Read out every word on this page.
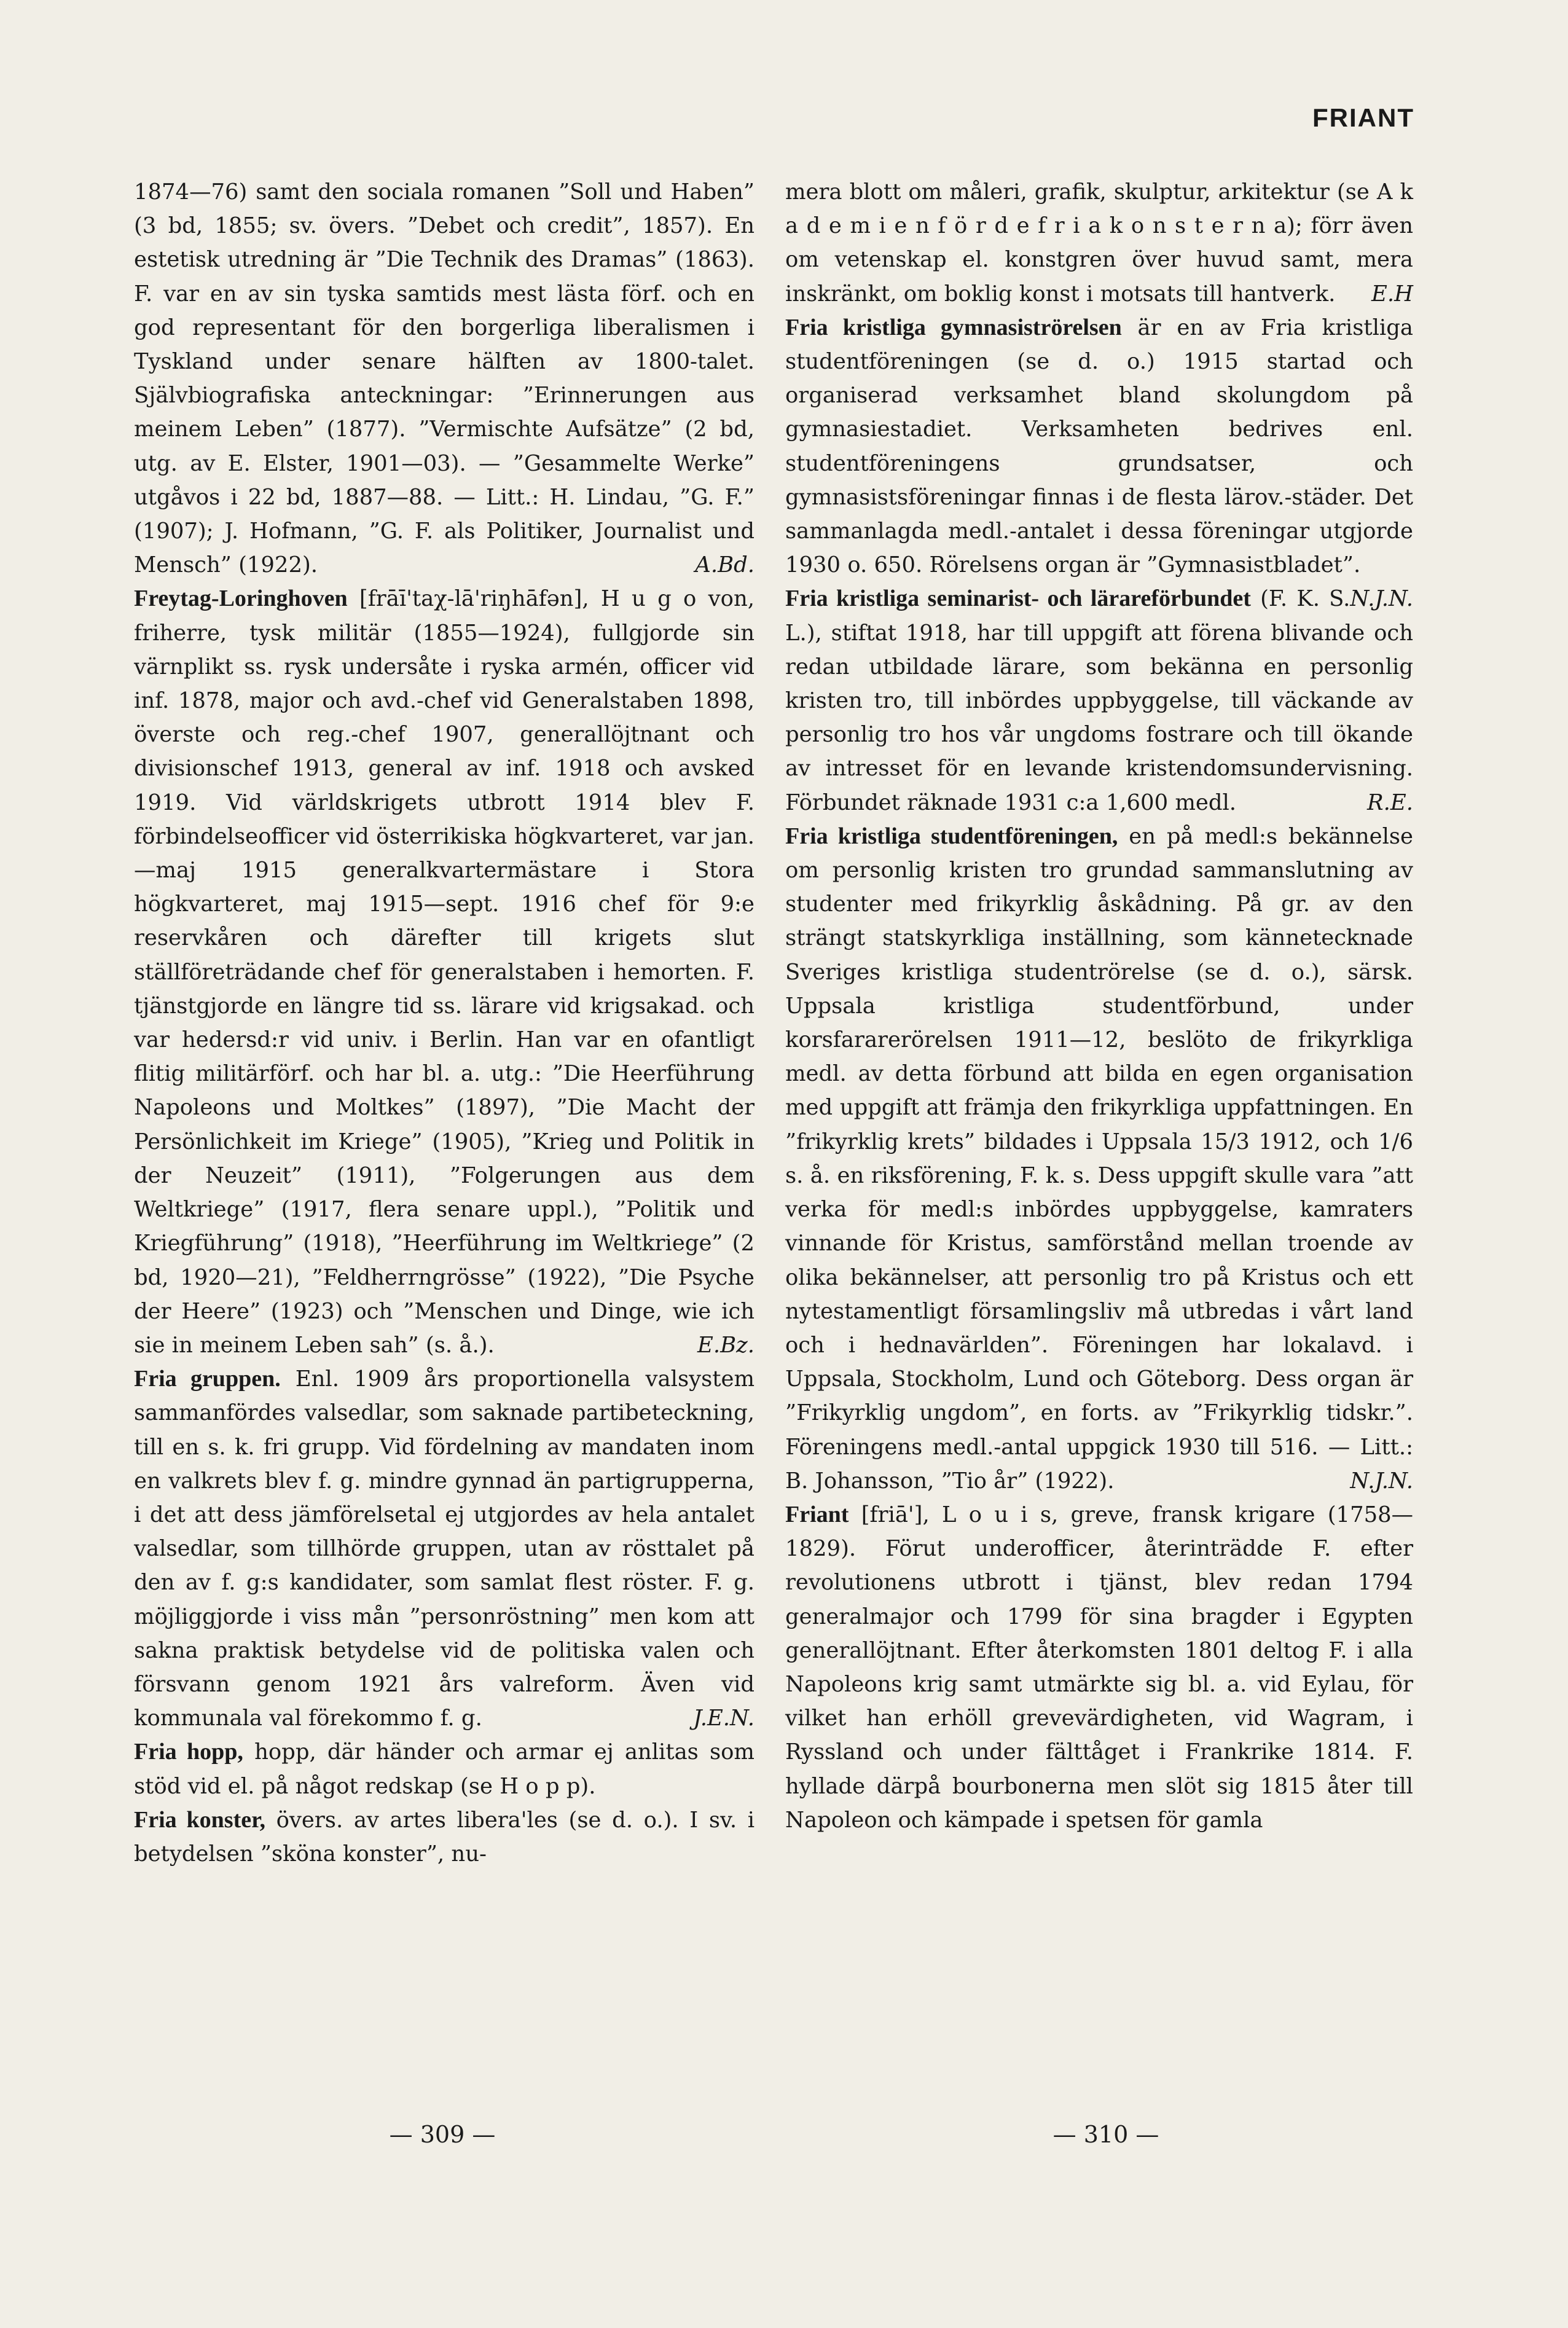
FRIANT

1874—76) samt den sociala romanen ”Soll und Haben” (3 bd, 1855; sv. övers. ”Debet och credit”, 1857). En estetisk utredning är ”Die Technik des Dramas” (1863). F. var en av sin tyska samtids mest lästa förf. och en god representant för den borgerliga liberalismen i Tyskland under senare hälften av 1800-talet. Självbiografiska anteckningar: ”Erinnerungen aus meinem Leben” (1877). ”Vermischte Aufsätze” (2 bd, utg. av E. Elster, 1901—03). — ”Gesammelte Werke” utgåvos i 22 bd, 1887—88. — Litt.: H. Lindau, ”G. F.” (1907); J. Hofmann, ”G. F. als Politiker, Journalist und Mensch” (1922).	A.Bd.

Freytag-Loringhoven [frāī'taχ-lā'riŋhāfən], H u g o von, friherre, tysk militär (1855—1924), fullgjorde sin värnplikt ss. rysk undersåte i ryska armén, officer vid inf. 1878, major och avd.-chef vid Generalstaben 1898, överste och reg.-chef 1907, generallöjtnant och divisionschef 1913, general av inf. 1918 och avsked 1919. Vid världskrigets utbrott 1914 blev F. förbindelseofficer vid österrikiska högkvarteret, var jan.—maj 1915 generalkvartermästare i Stora högkvarteret, maj 1915—sept. 1916 chef för 9:e reservkåren och därefter till krigets slut ställföreträdande chef för generalstaben i hemorten. F. tjänstgjorde en längre tid ss. lärare vid krigsakad. och var hedersd:r vid univ. i Berlin. Han var en ofantligt flitig militärförf. och har bl. a. utg.: ”Die Heerführung Napoleons und Moltkes” (1897), ”Die Macht der Persönlichkeit im Kriege” (1905), ”Krieg und Politik in der Neuzeit” (1911), ”Folgerungen aus dem Weltkriege” (1917, flera senare uppl.), ”Politik und Kriegführung” (1918), ”Heerführung im Weltkriege” (2 bd, 1920—21), ”Feldherrngrösse” (1922), ”Die Psyche der Heere” (1923) och ”Menschen und Dinge, wie ich sie in meinem Leben sah” (s. å.).	E.Bz.

Fria gruppen. Enl. 1909 års proportionella valsystem sammanfördes valsedlar, som saknade partibeteckning, till en s. k. fri grupp. Vid fördelning av mandaten inom en valkrets blev f. g. mindre gynnad än partigrupperna, i det att dess jämförelsetal ej utgjordes av hela antalet valsedlar, som tillhörde gruppen, utan av rösttalet på den av f. g:s kandidater, som samlat flest röster. F. g. möjliggjorde i viss mån ”personröstning” men kom att sakna praktisk betydelse vid de politiska valen och försvann genom 1921 års valreform. Även vid kommunala val förekommo f. g.	J.E.N.

Fria hopp, hopp, där händer och armar ej anlitas som stöd vid el. på något redskap (se H o p p).

Fria konster, övers. av artes libera'les (se d. o.). I sv. i betydelsen ”sköna konster”, nu-

mera blott om måleri, grafik, skulptur, arkitektur (se A k a d e m i e n f ö r d e f r i a k o n s t e r n a); förr även om vetenskap el. konstgren över huvud samt, mera inskränkt, om boklig konst i motsats till hantverk. E.H

Fria kristliga gymnasiströrelsen är en av Fria kristliga studentföreningen (se d. o.) 1915 startad och organiserad verksamhet bland skolungdom på gymnasiestadiet. Verksamheten bedrives enl. studentföreningens grundsatser, och gymnasistsföreningar finnas i de flesta lärov.-städer. Det sammanlagda medl.-antalet i dessa föreningar utgjorde 1930 o. 650. Rörelsens organ är ”Gymnasistbladet”.
N.J.N.

Fria kristliga seminarist- och lärareförbundet (F. K. S. L.), stiftat 1918, har till uppgift att förena blivande och redan utbildade lärare, som bekänna en personlig kristen tro, till inbördes uppbyggelse, till väckande av personlig tro hos vår ungdoms fostrare och till ökande av intresset för en levande kristendomsundervisning. Förbundet räknade 1931 c:a 1,600 medl.	R.E.

Fria kristliga studentföreningen, en på medl:s bekännelse om personlig kristen tro grundad sammanslutning av studenter med frikyrklig åskådning. På gr. av den strängt statskyrkliga inställning, som kännetecknade Sveriges kristliga studentrörelse (se d. o.), särsk. Uppsala kristliga studentförbund, under korsfararerörelsen 1911—12, beslöto de frikyrkliga medl. av detta förbund att bilda en egen organisation med uppgift att främja den frikyrkliga uppfattningen. En ”frikyrklig krets” bildades i Uppsala 15/3 1912, och 1/6 s. å. en riksförening, F. k. s. Dess uppgift skulle vara ”att verka för medl:s inbördes uppbyggelse, kamraters vinnande för Kristus, samförstånd mellan troende av olika bekännelser, att personlig tro på Kristus och ett nytestamentligt församlingsliv må utbredas i vårt land och i hednavärlden”. Föreningen har lokalavd. i Uppsala, Stockholm, Lund och Göteborg. Dess organ är ”Frikyrklig ungdom”, en forts. av ”Frikyrklig tidskr.”. Föreningens medl.-antal uppgick 1930 till 516. — Litt.: B. Johansson, ”Tio år” (1922).	N.J.N.

Friant [friā'], L o u i s, greve, fransk krigare (1758—1829). Förut underofficer, återinträdde F. efter revolutionens utbrott i tjänst, blev redan 1794 generalmajor och 1799 för sina bragder i Egypten generallöjtnant. Efter återkomsten 1801 deltog F. i alla Napoleons krig samt utmärkte sig bl. a. vid Eylau, för vilket han erhöll grevevärdigheten, vid Wagram, i Ryssland och under fälttåget i Frankrike 1814. F. hyllade därpå bourbonerna men slöt sig 1815 åter till Napoleon och kämpade i spetsen för gamla

— 309 —	— 310 —
